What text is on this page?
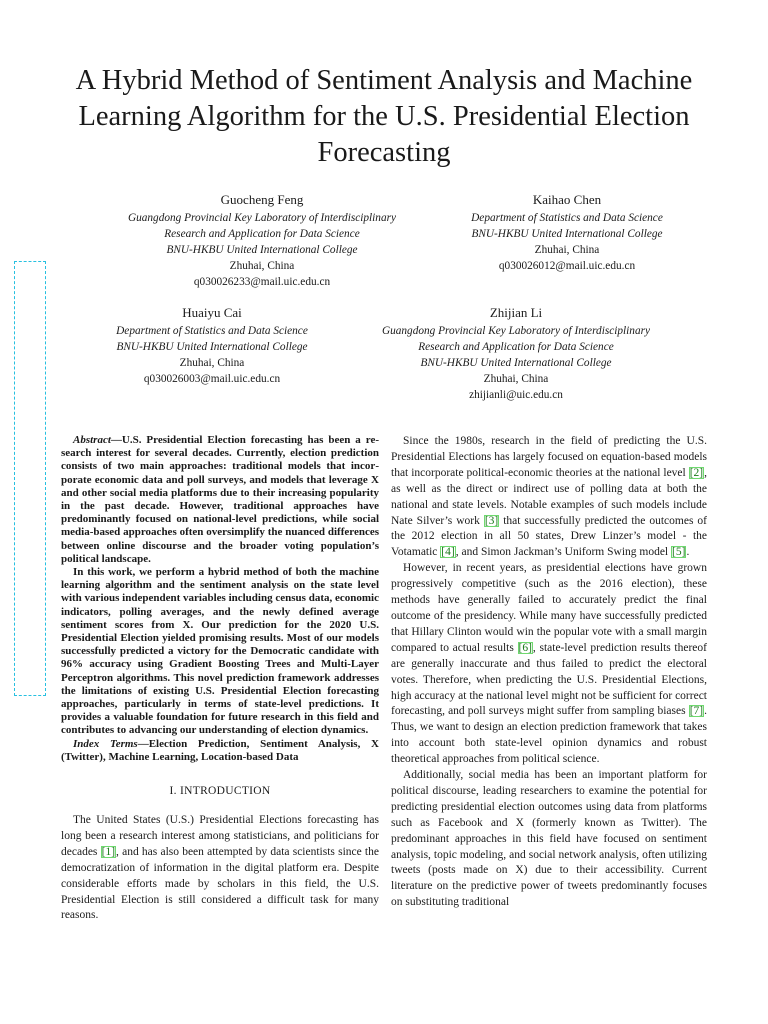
A Hybrid Method of Sentiment Analysis and Machine Learning Algorithm for the U.S. Presidential Election Forecasting
Guocheng Feng
Guangdong Provincial Key Laboratory of Interdisciplinary
Research and Application for Data Science
BNU-HKBU United International College
Zhuhai, China
q030026233@mail.uic.edu.cn
Kaihao Chen
Department of Statistics and Data Science
BNU-HKBU United International College
Zhuhai, China
q030026012@mail.uic.edu.cn
Huaiyu Cai
Department of Statistics and Data Science
BNU-HKBU United International College
Zhuhai, China
q030026003@mail.uic.edu.cn
Zhijian Li
Guangdong Provincial Key Laboratory of Interdisciplinary
Research and Application for Data Science
BNU-HKBU United International College
Zhuhai, China
zhijianli@uic.edu.cn

Abstract—U.S. Presidential Election forecasting has been a research interest for several decades. Currently, election prediction consists of two main approaches: traditional models that incorporate economic data and poll surveys, and models that leverage X and other social media platforms due to their increasing popularity in the past decade. However, traditional approaches have predominantly focused on national-level predictions, while social media-based approaches often oversimplify the nuanced differences between online discourse and the broader voting population’s political landscape.

In this work, we perform a hybrid method of both the machine learning algorithm and the sentiment analysis on the state level with various independent variables including census data, economic indicators, polling averages, and the newly defined average sentiment scores from X. Our prediction for the 2020 U.S. Presidential Election yielded promising results. Most of our models successfully predicted a victory for the Democratic candidate with 96% accuracy using Gradient Boosting Trees and Multi-Layer Perceptron algorithms. This novel prediction framework addresses the limitations of existing U.S. Presidential Election forecasting approaches, particularly in terms of state-level predictions. It provides a valuable foundation for future research in this field and contributes to advancing our understanding of election dynamics.

Index Terms—Election Prediction, Sentiment Analysis, X (Twitter), Machine Learning, Location-based Data

I. INTRODUCTION

The United States (U.S.) Presidential Elections forecasting has long been a research interest among statisticians, and politicians for decades [1], and has also been attempted by data scientists since the democratization of information in the digital platform era. Despite considerable efforts made by scholars in this field, the U.S. Presidential Election is still considered a difficult task for many reasons.

Since the 1980s, research in the field of predicting the U.S. Presidential Elections has largely focused on equation-based models that incorporate political-economic theories at the national level [2], as well as the direct or indirect use of polling data at both the national and state levels. Notable examples of such models include Nate Silver’s work [3] that successfully predicted the outcomes of the 2012 election in all 50 states, Drew Linzer’s model - the Votamatic [4], and Simon Jackman’s Uniform Swing model [5].

However, in recent years, as presidential elections have grown progressively competitive (such as the 2016 election), these methods have generally failed to accurately predict the final outcome of the presidency. While many have successfully predicted that Hillary Clinton would win the popular vote with a small margin compared to actual results [6], state-level prediction results thereof are generally inaccurate and thus failed to predict the electoral votes. Therefore, when predicting the U.S. Presidential Elections, high accuracy at the national level might not be sufficient for correct forecasting, and poll surveys might suffer from sampling biases [7]. Thus, we want to design an election prediction framework that takes into account both state-level opinion dynamics and robust theoretical approaches from political science.

Additionally, social media has been an important platform for political discourse, leading researchers to examine the potential for predicting presidential election outcomes using data from platforms such as Facebook and X (formerly known as Twitter). The predominant approaches in this field have focused on sentiment analysis, topic modeling, and social network analysis, often utilizing tweets (posts made on X) due to their accessibility. Current literature on the predictive power of tweets predominantly focuses on substituting traditional
